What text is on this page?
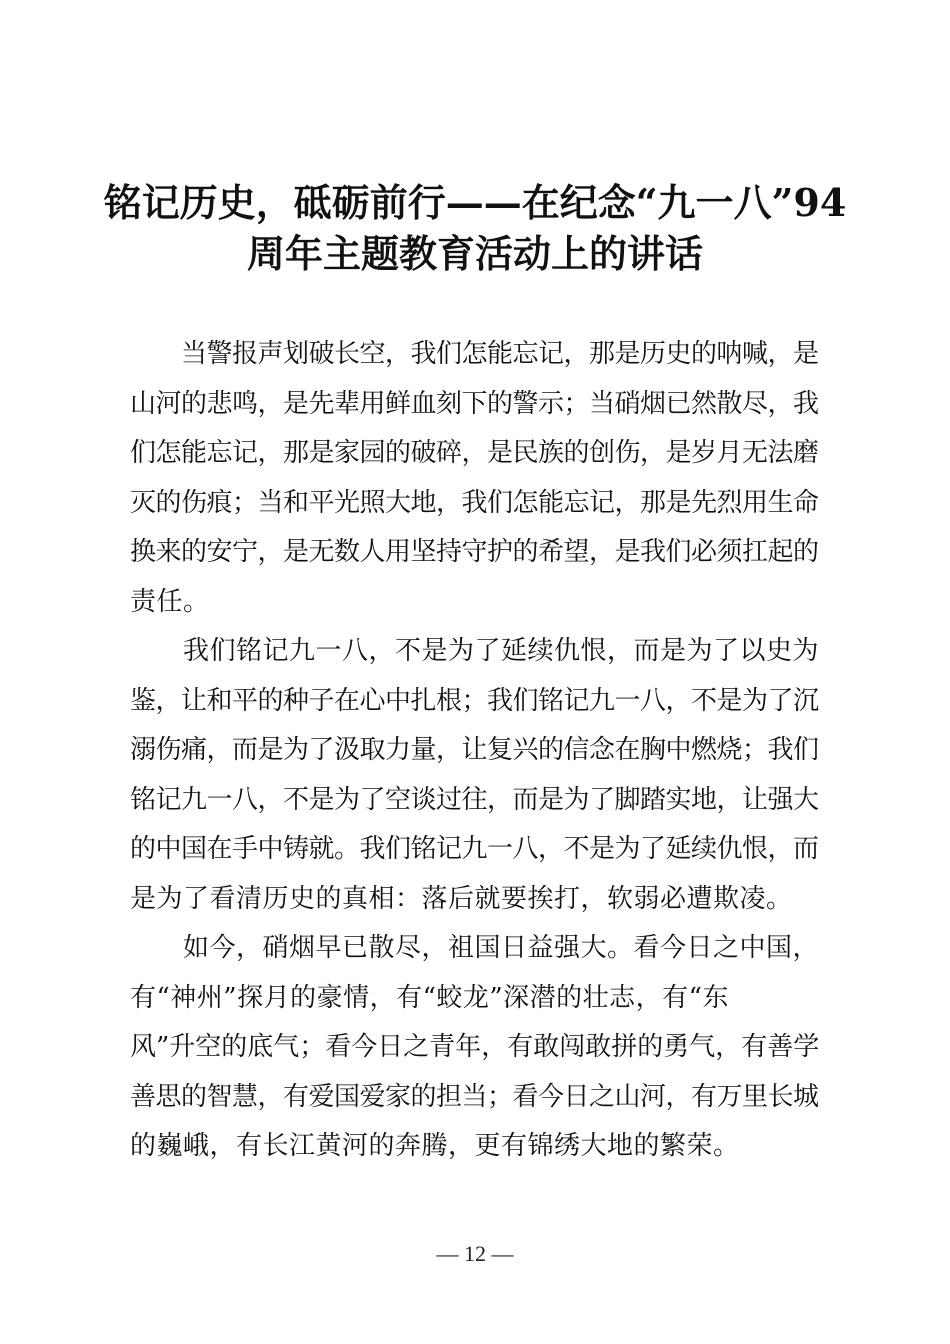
铭记历史，砥砺前行——在纪念“九一八”94
周年主题教育活动上的讲话

　　当警报声划破长空，我们怎能忘记，那是历史的呐喊，是

山河的悲鸣，是先辈用鲜血刻下的警示；当硝烟已然散尽，我

们怎能忘记，那是家园的破碎，是民族的创伤，是岁月无法磨

灭的伤痕；当和平光照大地，我们怎能忘记，那是先烈用生命

换来的安宁，是无数人用坚持守护的希望，是我们必须扛起的

责任。

　　我们铭记九一八，不是为了延续仇恨，而是为了以史为

鉴，让和平的种子在心中扎根；我们铭记九一八，不是为了沉

溺伤痛，而是为了汲取力量，让复兴的信念在胸中燃烧；我们

铭记九一八，不是为了空谈过往，而是为了脚踏实地，让强大

的中国在手中铸就。我们铭记九一八，不是为了延续仇恨，而

是为了看清历史的真相：落后就要挨打，软弱必遭欺凌。

　　如今，硝烟早已散尽，祖国日益强大。看今日之中国，

有“神州”探月的豪情，有“蛟龙”深潜的壮志，有“东

风”升空的底气；看今日之青年，有敢闯敢拼的勇气，有善学

善思的智慧，有爱国爱家的担当；看今日之山河，有万里长城

的巍峨，有长江黄河的奔腾，更有锦绣大地的繁荣。

— 12 —
